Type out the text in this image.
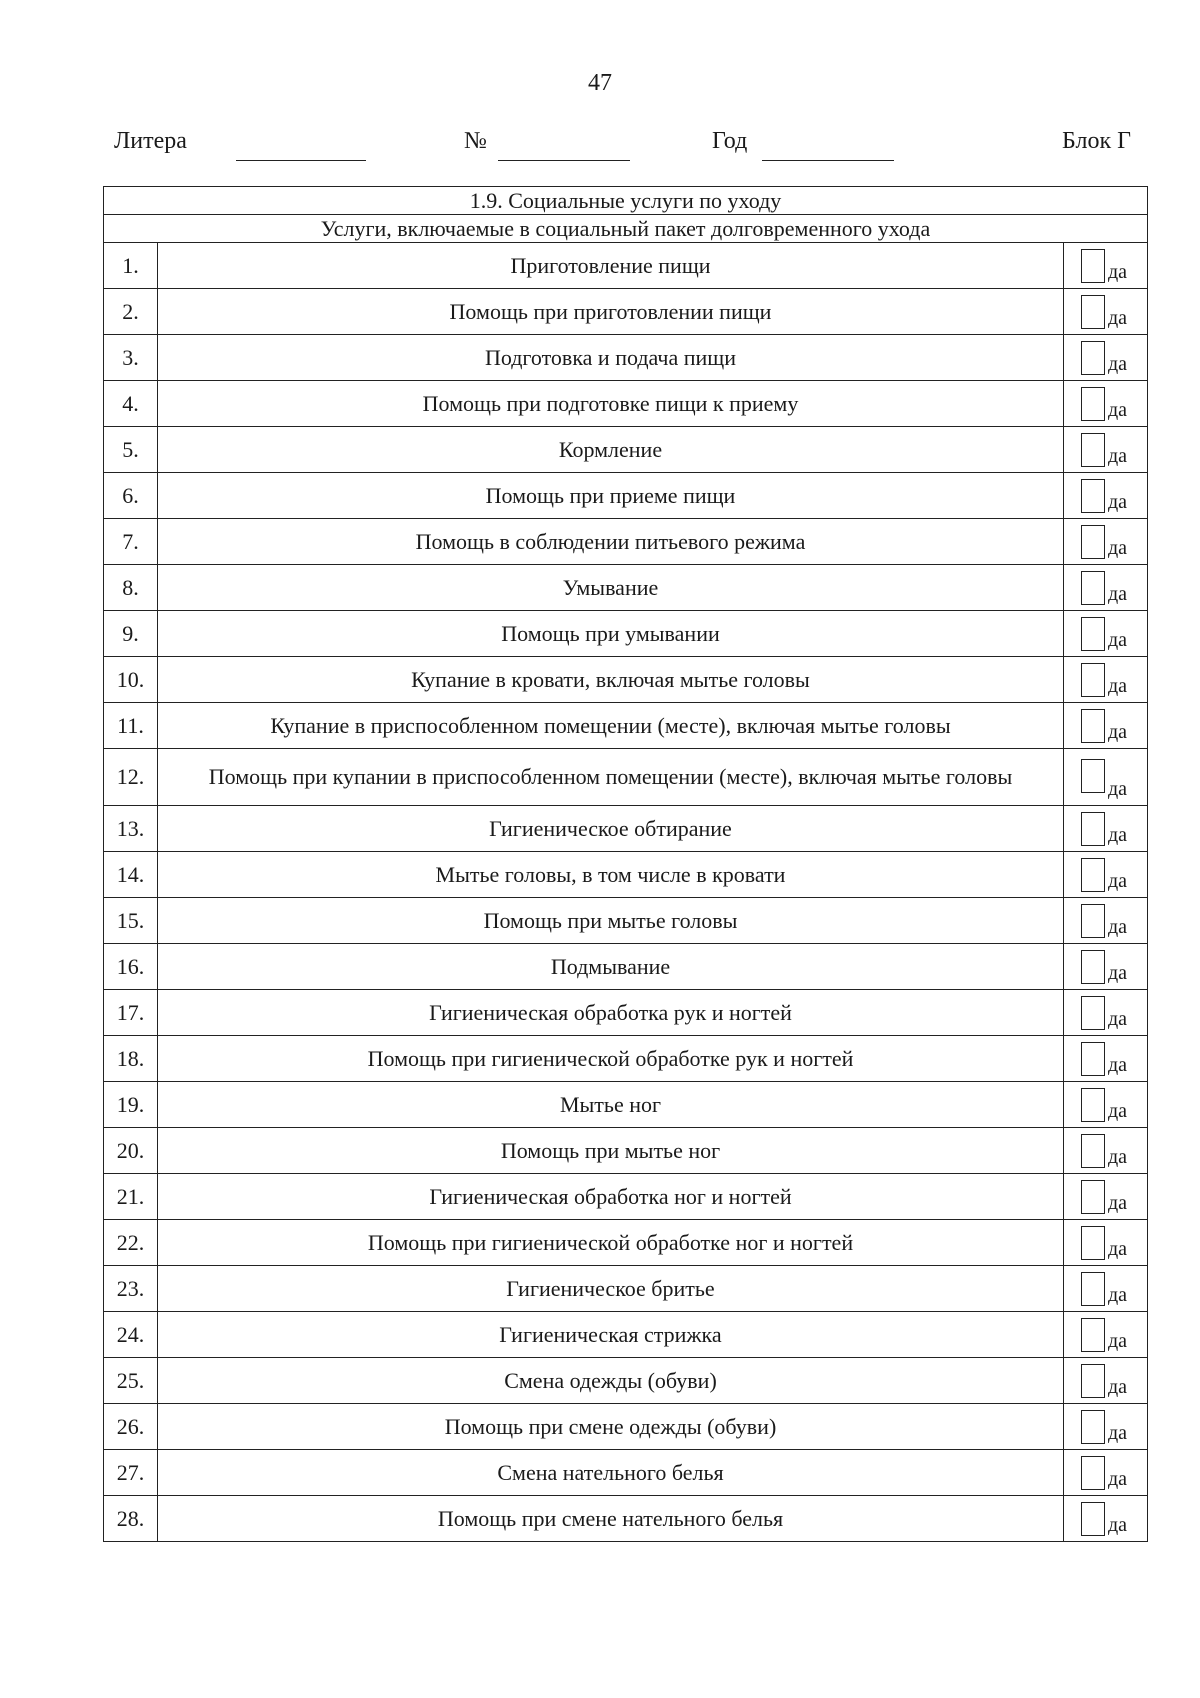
47
Литера	№	Год	Блок Г
1.9. Социальные услуги по уходу		
Услуги, включаемые в социальный пакет долговременного ухода		
1.	Приготовление пищи	да

2.	Помощь при приготовлении пищи	да

3.	Подготовка и подача пищи	да

4.	Помощь при подготовке пищи к приему	да

5.	Кормление	да

6.	Помощь при приеме пищи	да

7.	Помощь в соблюдении питьевого режима	да

8.	Умывание	да

9.	Помощь при умывании	да

10.	Купание в кровати, включая мытье головы	да

11.	Купание в приспособленном помещении (месте), включая мытье головы	да

12.	Помощь при купании в приспособленном помещении (месте), включая мытье головы	да

13.	Гигиеническое обтирание	да

14.	Мытье головы, в том числе в кровати	да

15.	Помощь при мытье головы	да

16.	Подмывание	да

17.	Гигиеническая обработка рук и ногтей	да

18.	Помощь при гигиенической обработке рук и ногтей	да

19.	Мытье ног	да

20.	Помощь при мытье ног	да

21.	Гигиеническая обработка ног и ногтей	да

22.	Помощь при гигиенической обработке ног и ногтей	да

23.	Гигиеническое бритье	да

24.	Гигиеническая стрижка	да

25.	Смена одежды (обуви)	да

26.	Помощь при смене одежды (обуви)	да

27.	Смена нательного белья	да

28.	Помощь при смене нательного белья	да
